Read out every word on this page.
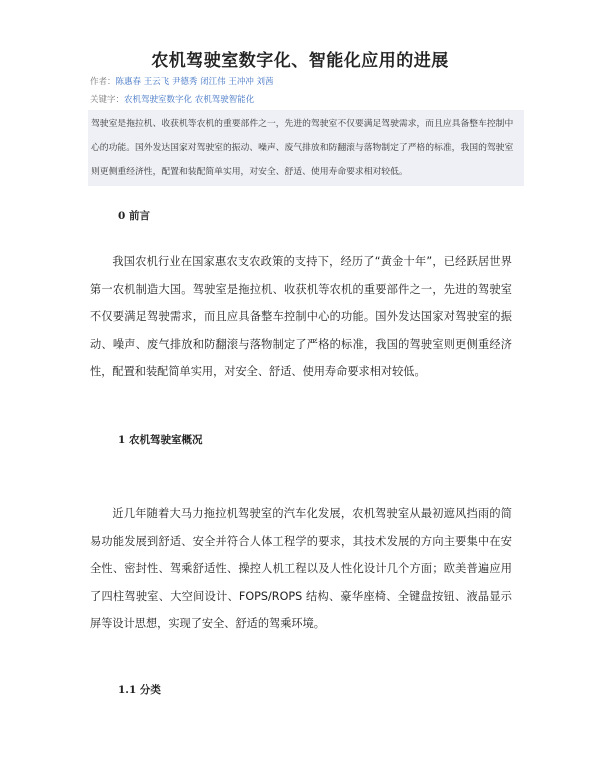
农机驾驶室数字化、智能化应用的进展
作者：陈惠春 王云飞 尹德秀 闭江伟 王冲冲 刘茜
关键字：农机驾驶室数字化 农机驾驶智能化
驾驶室是拖拉机、收获机等农机的重要部件之一，先进的驾驶室不仅要满足驾驶需求，而且应具备整车控制中心的功能。国外发达国家对驾驶室的振动、噪声、废气排放和防翻滚与落物制定了严格的标准，我国的驾驶室则更侧重经济性，配置和装配简单实用，对安全、舒适、使用寿命要求相对较低。
0 前言
我国农机行业在国家惠农支农政策的支持下，经历了“黄金十年”，已经跃居世界第一农机制造大国。驾驶室是拖拉机、收获机等农机的重要部件之一，先进的驾驶室不仅要满足驾驶需求，而且应具备整车控制中心的功能。国外发达国家对驾驶室的振动、噪声、废气排放和防翻滚与落物制定了严格的标准，我国的驾驶室则更侧重经济性，配置和装配简单实用，对安全、舒适、使用寿命要求相对较低。
1 农机驾驶室概况
近几年随着大马力拖拉机驾驶室的汽车化发展，农机驾驶室从最初遮风挡雨的简易功能发展到舒适、安全并符合人体工程学的要求，其技术发展的方向主要集中在安全性、密封性、驾乘舒适性、操控人机工程以及人性化设计几个方面；欧美普遍应用了四柱驾驶室、大空间设计、FOPS/ROPS 结构、豪华座椅、全键盘按钮、液晶显示屏等设计思想，实现了安全、舒适的驾乘环境。
1.1 分类
